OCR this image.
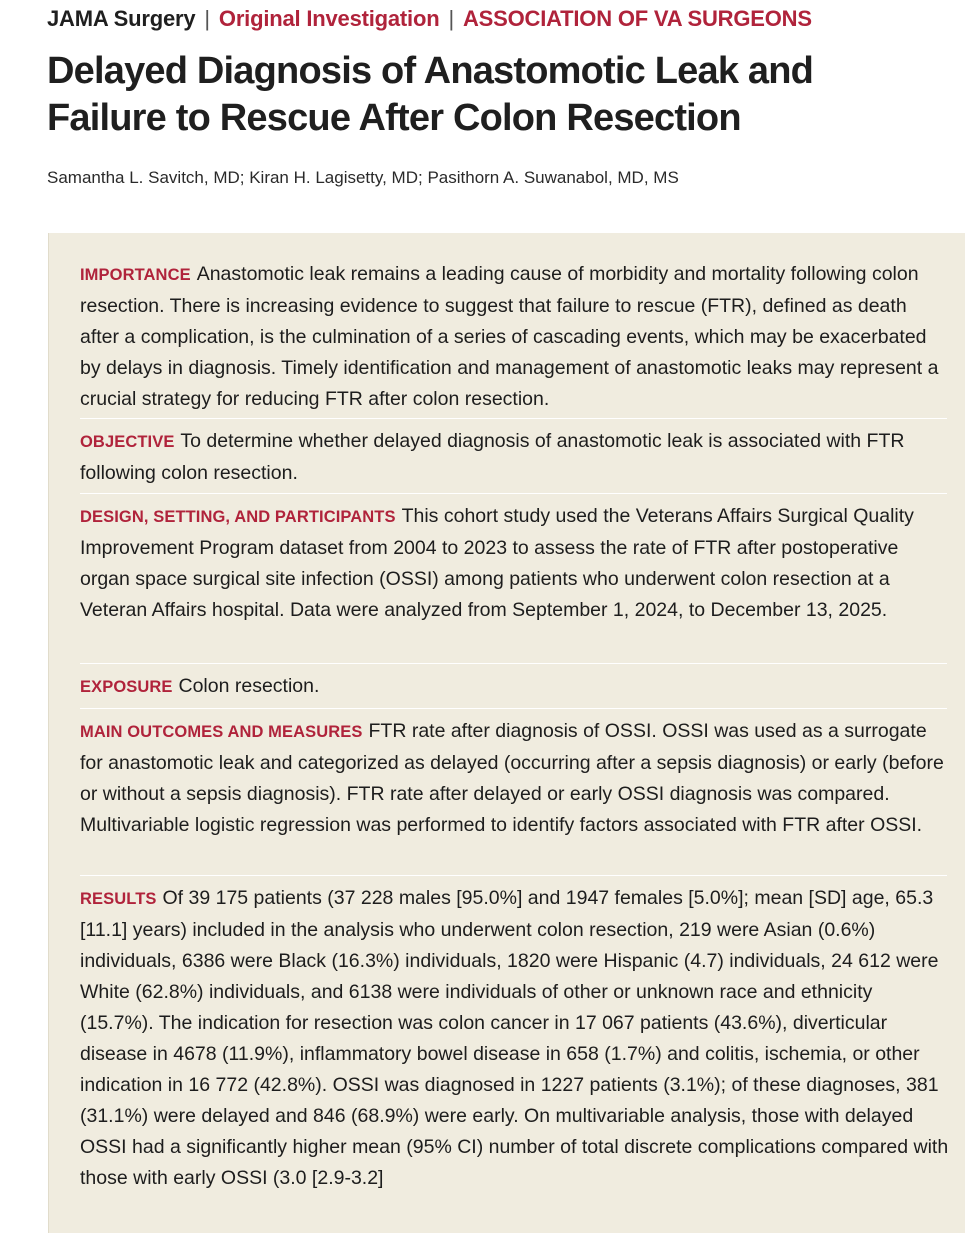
JAMA Surgery | Original Investigation | ASSOCIATION OF VA SURGEONS
Delayed Diagnosis of Anastomotic Leak and Failure to Rescue After Colon Resection
Samantha L. Savitch, MD; Kiran H. Lagisetty, MD; Pasithorn A. Suwanabol, MD, MS
IMPORTANCE Anastomotic leak remains a leading cause of morbidity and mortality following colon resection. There is increasing evidence to suggest that failure to rescue (FTR), defined as death after a complication, is the culmination of a series of cascading events, which may be exacerbated by delays in diagnosis. Timely identification and management of anastomotic leaks may represent a crucial strategy for reducing FTR after colon resection.
OBJECTIVE To determine whether delayed diagnosis of anastomotic leak is associated with FTR following colon resection.
DESIGN, SETTING, AND PARTICIPANTS This cohort study used the Veterans Affairs Surgical Quality Improvement Program dataset from 2004 to 2023 to assess the rate of FTR after postoperative organ space surgical site infection (OSSI) among patients who underwent colon resection at a Veteran Affairs hospital. Data were analyzed from September 1, 2024, to December 13, 2025.
EXPOSURE Colon resection.
MAIN OUTCOMES AND MEASURES FTR rate after diagnosis of OSSI. OSSI was used as a surrogate for anastomotic leak and categorized as delayed (occurring after a sepsis diagnosis) or early (before or without a sepsis diagnosis). FTR rate after delayed or early OSSI diagnosis was compared. Multivariable logistic regression was performed to identify factors associated with FTR after OSSI.
RESULTS Of 39 175 patients (37 228 males [95.0%] and 1947 females [5.0%]; mean [SD] age, 65.3 [11.1] years) included in the analysis who underwent colon resection, 219 were Asian (0.6%) individuals, 6386 were Black (16.3%) individuals, 1820 were Hispanic (4.7) individuals, 24 612 were White (62.8%) individuals, and 6138 were individuals of other or unknown race and ethnicity (15.7%). The indication for resection was colon cancer in 17 067 patients (43.6%), diverticular disease in 4678 (11.9%), inflammatory bowel disease in 658 (1.7%) and colitis, ischemia, or other indication in 16 772 (42.8%). OSSI was diagnosed in 1227 patients (3.1%); of these diagnoses, 381 (31.1%) were delayed and 846 (68.9%) were early. On multivariable analysis, those with delayed OSSI had a significantly higher mean (95% CI) number of total discrete complications compared with those with early OSSI (3.0 [2.9-3.2]
